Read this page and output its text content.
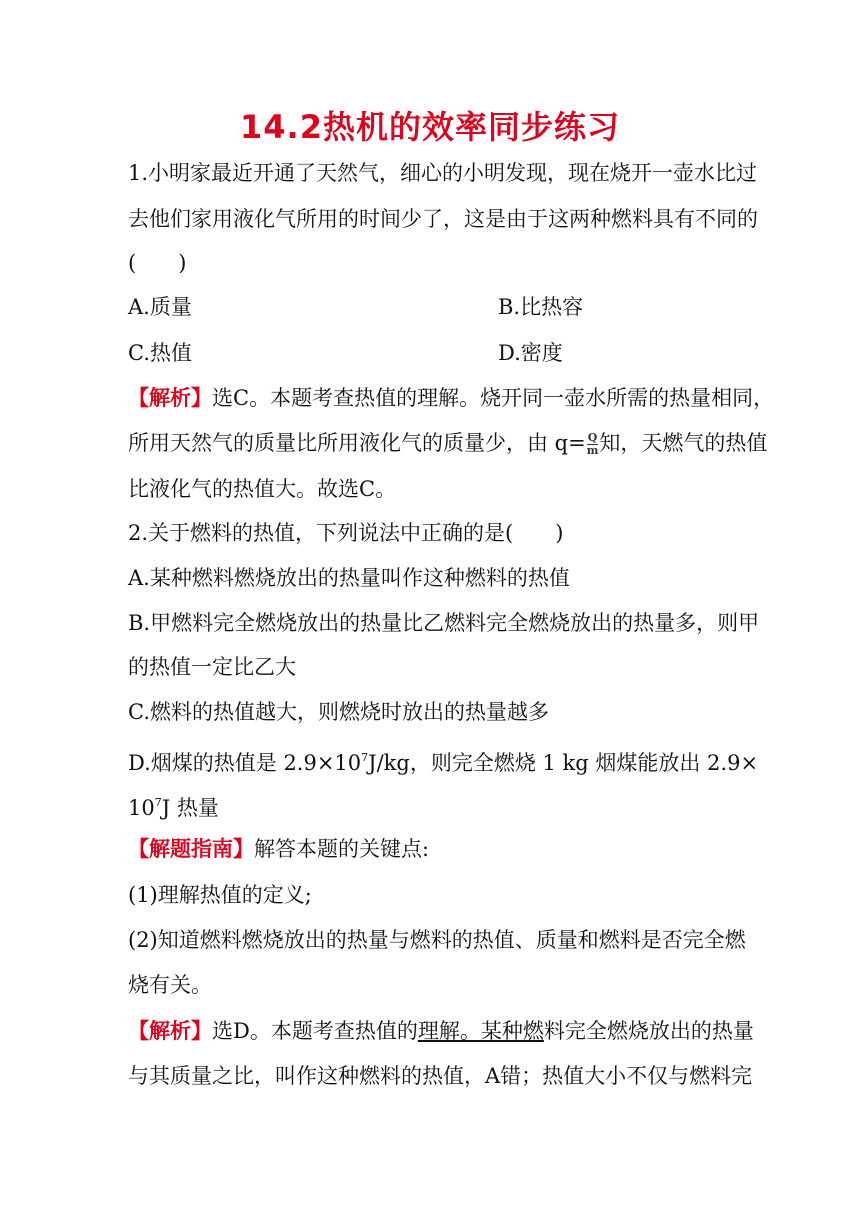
14.2热机的效率同步练习
1.小明家最近开通了天然气，细心的小明发现，现在烧开一壶水比过
去他们家用液化气所用的时间少了，这是由于这两种燃料具有不同的
(　　)
A.质量	B.比热容
C.热值	D.密度
【解析】选C。本题考查热值的理解。烧开同一壶水所需的热量相同，
所用天然气的质量比所用液化气的质量少，由 $q= \frac{Q}{m}$ 知，天燃气的热值
比液化气的热值大。故选C。
2.关于燃料的热值，下列说法中正确的是(　　)
A.某种燃料燃烧放出的热量叫作这种燃料的热值
B.甲燃料完全燃烧放出的热量比乙燃料完全燃烧放出的热量多，则甲
的热值一定比乙大
C.燃料的热值越大，则燃烧时放出的热量越多
D.烟煤的热值是 $2.9\times 10^7J/kg$，则完全燃烧 1 kg 烟煤能放出 2.9×
$10^7J$ 热量
【解题指南】解答本题的关键点:
(1)理解热值的定义;
(2)知道燃料燃烧放出的热量与燃料的热值、质量和燃料是否完全燃
烧有关。
【解析】选D。本题考查热值的理解。某种燃料完全燃烧放出的热量
与其质量之比，叫作这种燃料的热值，A错；热值大小不仅与燃料完
